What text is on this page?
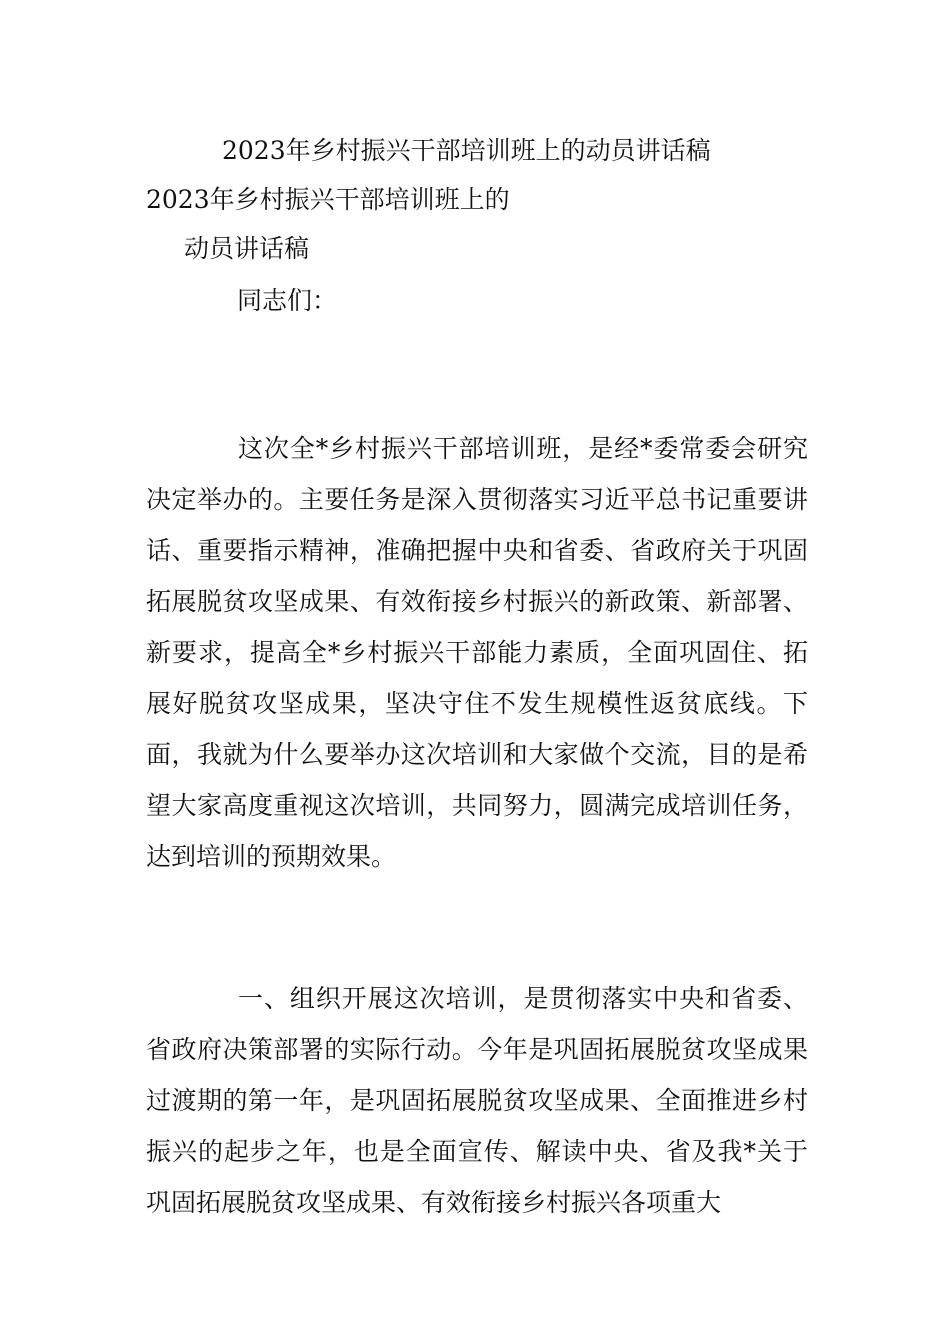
2023年乡村振兴干部培训班上的动员讲话稿
2023年乡村振兴干部培训班上的
动员讲话稿
同志们：

这次全*乡村振兴干部培训班，是经*委常委会研究决定举办的。主要任务是深入贯彻落实习近平总书记重要讲话、重要指示精神，准确把握中央和省委、省政府关于巩固拓展脱贫攻坚成果、有效衔接乡村振兴的新政策、新部署、新要求，提高全*乡村振兴干部能力素质，全面巩固住、拓展好脱贫攻坚成果，坚决守住不发生规模性返贫底线。下面，我就为什么要举办这次培训和大家做个交流，目的是希望大家高度重视这次培训，共同努力，圆满完成培训任务，达到培训的预期效果。

一、组织开展这次培训，是贯彻落实中央和省委、省政府决策部署的实际行动。今年是巩固拓展脱贫攻坚成果过渡期的第一年，是巩固拓展脱贫攻坚成果、全面推进乡村振兴的起步之年，也是全面宣传、解读中央、省及我*关于巩固拓展脱贫攻坚成果、有效衔接乡村振兴各项重大
